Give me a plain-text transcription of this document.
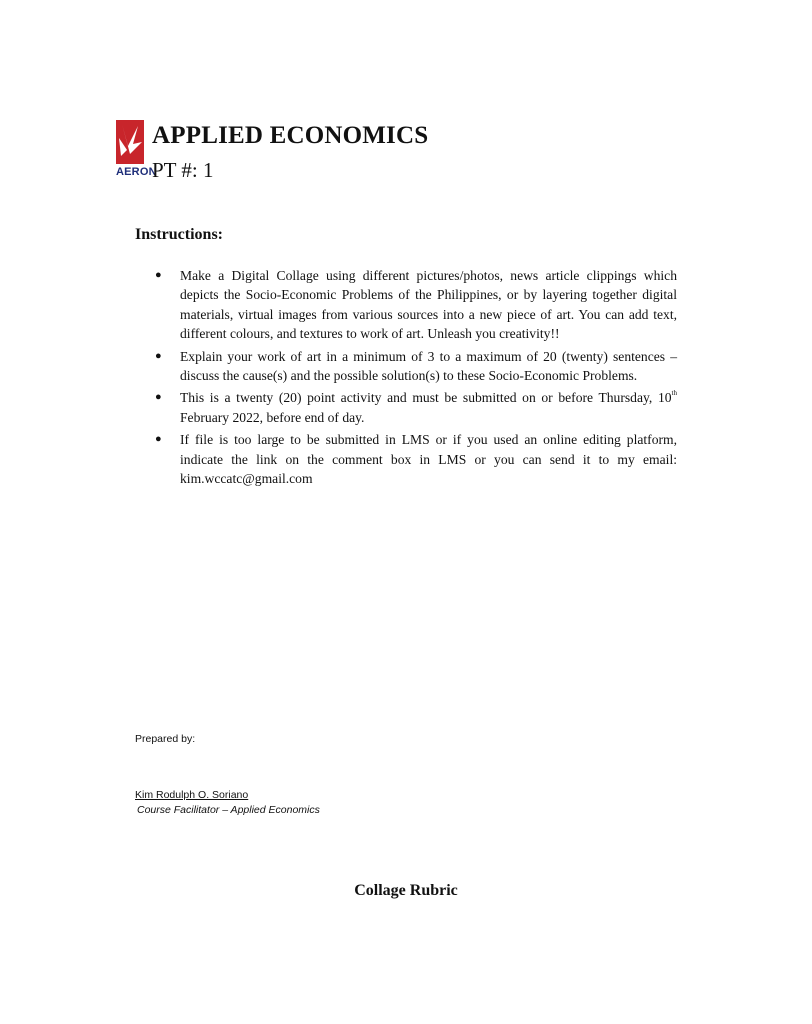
AERON
APPLIED ECONOMICS
PT #: 1
Instructions:
● Make a Digital Collage using different pictures/photos, news article clippings which depicts the Socio-Economic Problems of the Philippines, or by layering together digital materials, virtual images from various sources into a new piece of art. You can add text, different colours, and textures to work of art. Unleash you creativity!!
● Explain your work of art in a minimum of 3 to a maximum of 20 (twenty) sentences – discuss the cause(s) and the possible solution(s) to these Socio-Economic Problems.
● This is a twenty (20) point activity and must be submitted on or before Thursday, 10th February 2022, before end of day.
● If file is too large to be submitted in LMS or if you used an online editing platform, indicate the link on the comment box in LMS or you can send it to my email: kim.wccatc@gmail.com
Prepared by:
Kim Rodulph O. Soriano
Course Facilitator – Applied Economics
Collage Rubric
